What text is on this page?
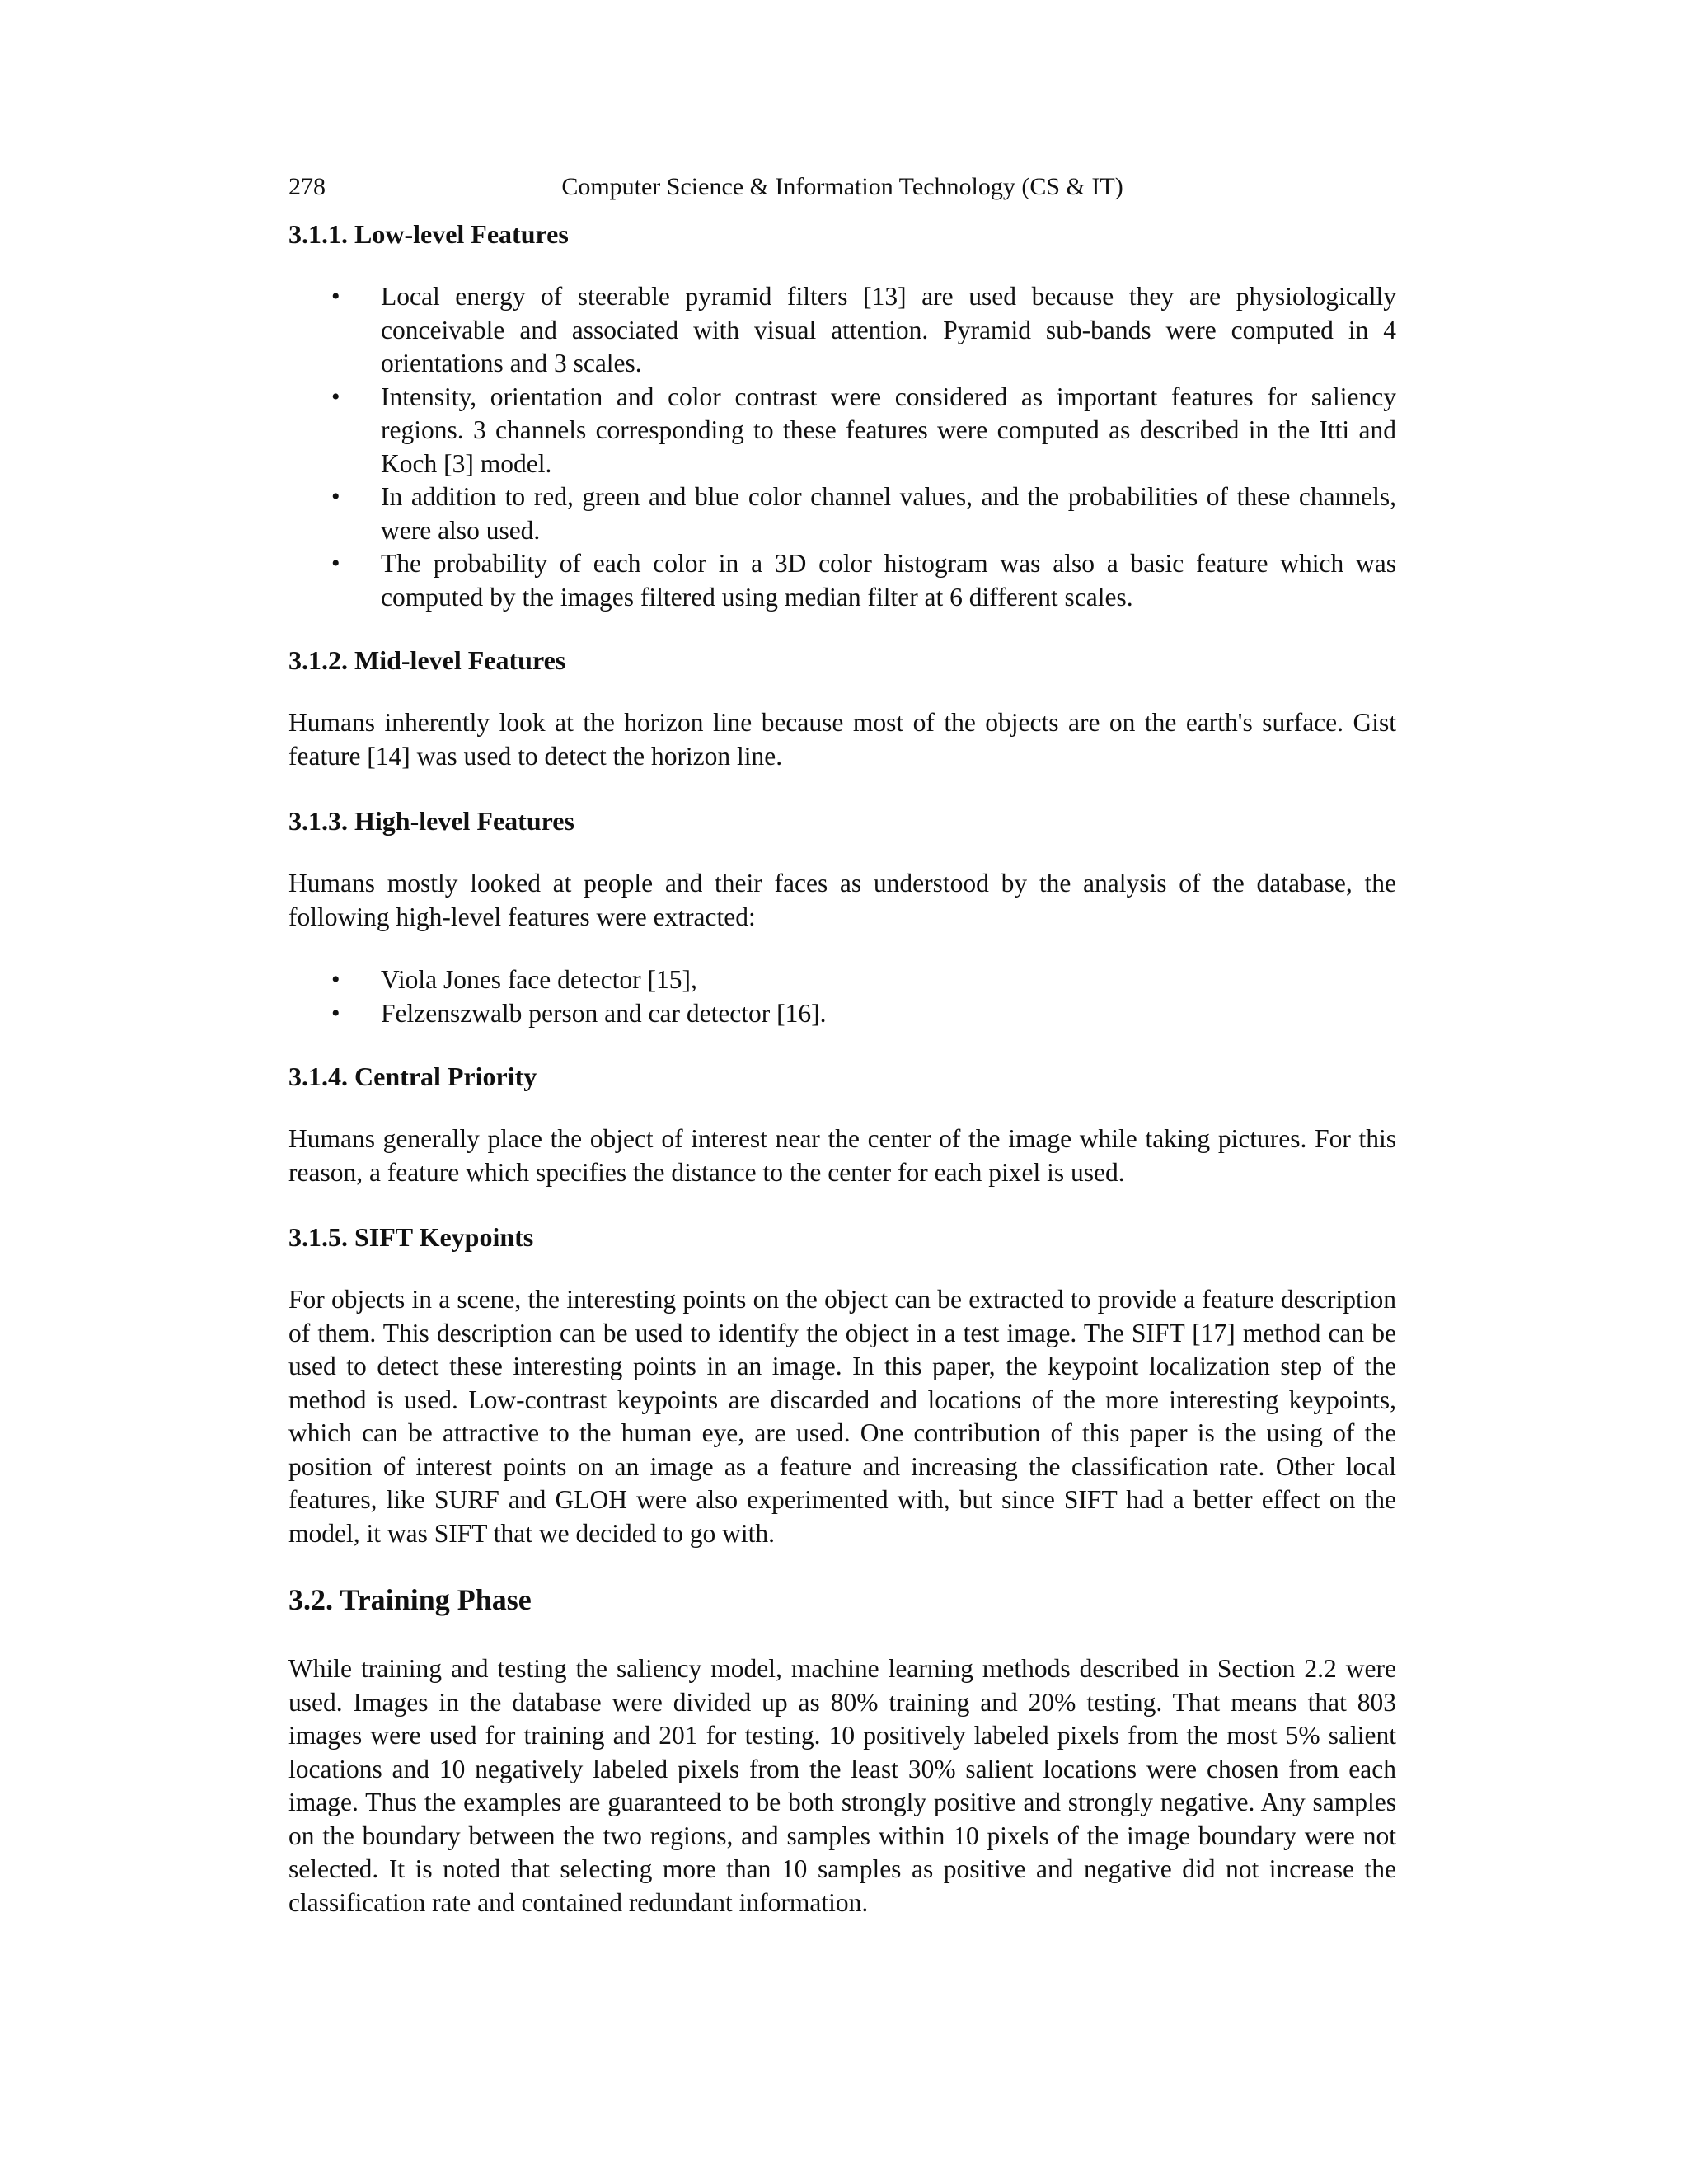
278	Computer Science & Information Technology (CS & IT)
3.1.1. Low-level Features
• Local energy of steerable pyramid filters [13] are used because they are physiologically conceivable and associated with visual attention. Pyramid sub-bands were computed in 4 orientations and 3 scales.
• Intensity, orientation and color contrast were considered as important features for saliency regions. 3 channels corresponding to these features were computed as described in the Itti and Koch [3] model.
• In addition to red, green and blue color channel values, and the probabilities of these channels, were also used.
• The probability of each color in a 3D color histogram was also a basic feature which was computed by the images filtered using median filter at 6 different scales.
3.1.2. Mid-level Features

Humans inherently look at the horizon line because most of the objects are on the earth's surface. Gist feature [14] was used to detect the horizon line.

3.1.3. High-level Features

Humans mostly looked at people and their faces as understood by the analysis of the database, the following high-level features were extracted:

• Viola Jones face detector [15],
• Felzenszwalb person and car detector [16].
3.1.4. Central Priority

Humans generally place the object of interest near the center of the image while taking pictures. For this reason, a feature which specifies the distance to the center for each pixel is used.

3.1.5. SIFT Keypoints

For objects in a scene, the interesting points on the object can be extracted to provide a feature description of them. This description can be used to identify the object in a test image. The SIFT [17] method can be used to detect these interesting points in an image. In this paper, the keypoint localization step of the method is used. Low-contrast keypoints are discarded and locations of the more interesting keypoints, which can be attractive to the human eye, are used. One contribution of this paper is the using of the position of interest points on an image as a feature and increasing the classification rate. Other local features, like SURF and GLOH were also experimented with, but since SIFT had a better effect on the model, it was SIFT that we decided to go with.

3.2. Training Phase

While training and testing the saliency model, machine learning methods described in Section 2.2 were used. Images in the database were divided up as 80% training and 20% testing. That means that 803 images were used for training and 201 for testing. 10 positively labeled pixels from the most 5% salient locations and 10 negatively labeled pixels from the least 30% salient locations were chosen from each image. Thus the examples are guaranteed to be both strongly positive and strongly negative. Any samples on the boundary between the two regions, and samples within 10 pixels of the image boundary were not selected. It is noted that selecting more than 10 samples as positive and negative did not increase the classification rate and contained redundant information.
